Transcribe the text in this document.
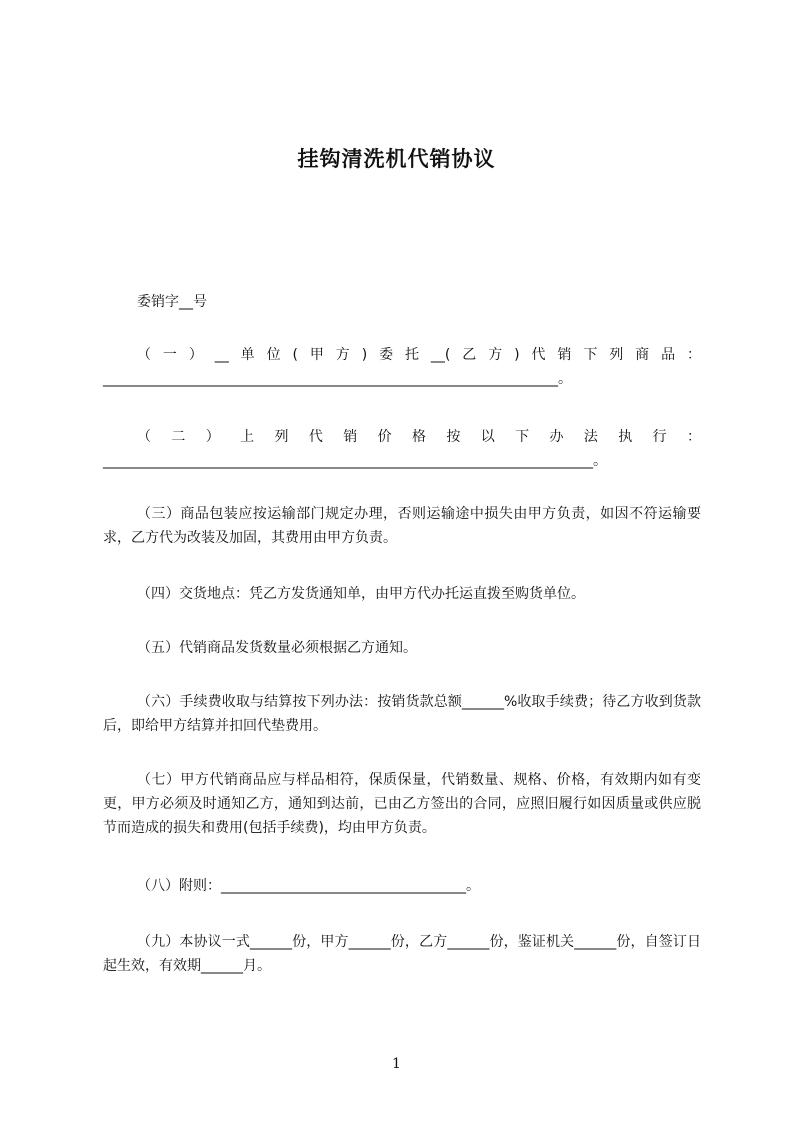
挂钩清洗机代销协议

委销字__号

（一）__单位(甲方)委托__(乙方)代销下列商品：_________________________________________________________________。

（二）上列代销价格按以下办法执行：______________________________________________________________________。

（三）商品包装应按运输部门规定办理，否则运输途中损失由甲方负责，如因不符运输要求，乙方代为改装及加固，其费用由甲方负责。

（四）交货地点：凭乙方发货通知单，由甲方代办托运直拨至购货单位。

（五）代销商品发货数量必须根据乙方通知。

（六）手续费收取与结算按下列办法：按销货款总额______%收取手续费；待乙方收到货款后，即给甲方结算并扣回代垫费用。

（七）甲方代销商品应与样品相符，保质保量，代销数量、规格、价格，有效期内如有变更，甲方必须及时通知乙方，通知到达前，已由乙方签出的合同，应照旧履行如因质量或供应脱节而造成的损失和费用(包括手续费)，均由甲方负责。

（八）附则：___________________________________。

（九）本协议一式______份，甲方______份，乙方______份，鉴证机关______份，自签订日起生效，有效期______月。

1
